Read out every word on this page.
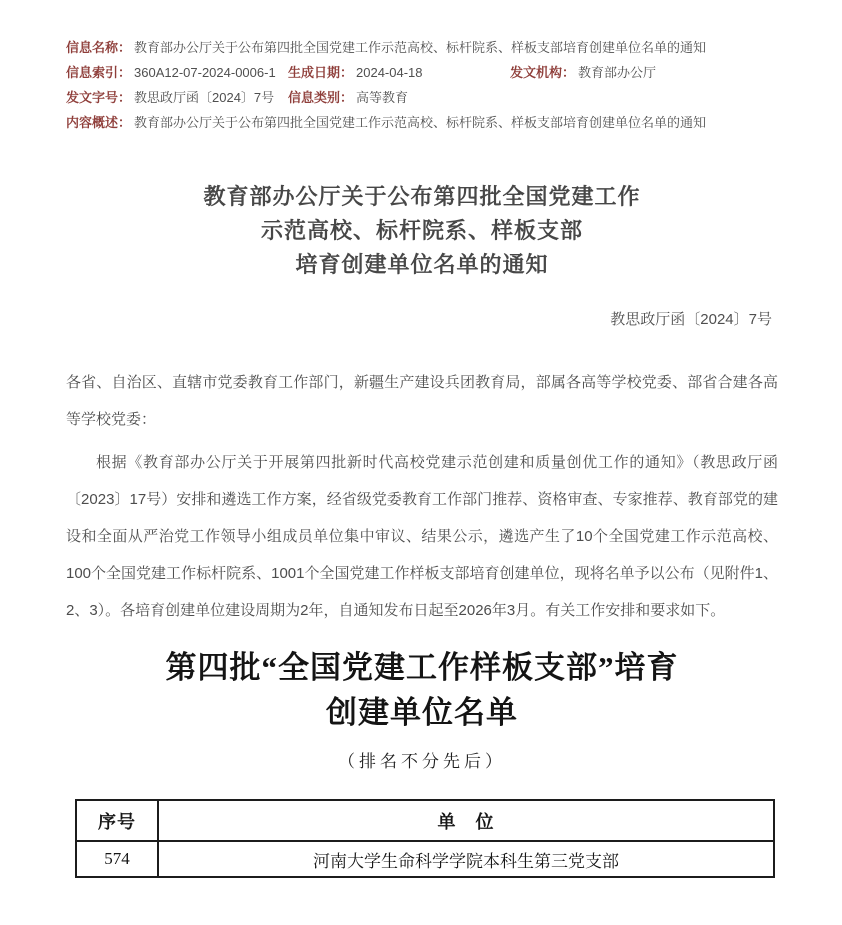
信息名称： 教育部办公厅关于公布第四批全国党建工作示范高校、标杆院系、样板支部培育创建单位名单的通知
信息索引： 360A12-07-2024-0006-1 生成日期： 2024-04-18	发文机构： 教育部办公厅
发文字号： 教思政厅函〔2024〕7号	信息类别： 高等教育
内容概述： 教育部办公厅关于公布第四批全国党建工作示范高校、标杆院系、样板支部培育创建单位名单的通知
教育部办公厅关于公布第四批全国党建工作
示范高校、标杆院系、样板支部
培育创建单位名单的通知
教思政厅函〔2024〕7号

各省、自治区、直辖市党委教育工作部门，新疆生产建设兵团教育局，部属各高等学校党委、部省合建各高等学校党委：

根据《教育部办公厅关于开展第四批新时代高校党建示范创建和质量创优工作的通知》（教思政厅函〔2023〕17号）安排和遴选工作方案，经省级党委教育工作部门推荐、资格审查、专家推荐、教育部党的建设和全面从严治党工作领导小组成员单位集中审议、结果公示，遴选产生了10个全国党建工作示范高校、100个全国党建工作标杆院系、1001个全国党建工作样板支部培育创建单位，现将名单予以公布（见附件1、2、3）。各培育创建单位建设周期为2年，自通知发布日起至2026年3月。有关工作安排和要求如下。

第四批“全国党建工作样板支部”培育
创建单位名单
（排名不分先后）
序号	单　位
574	河南大学生命科学学院本科生第三党支部
